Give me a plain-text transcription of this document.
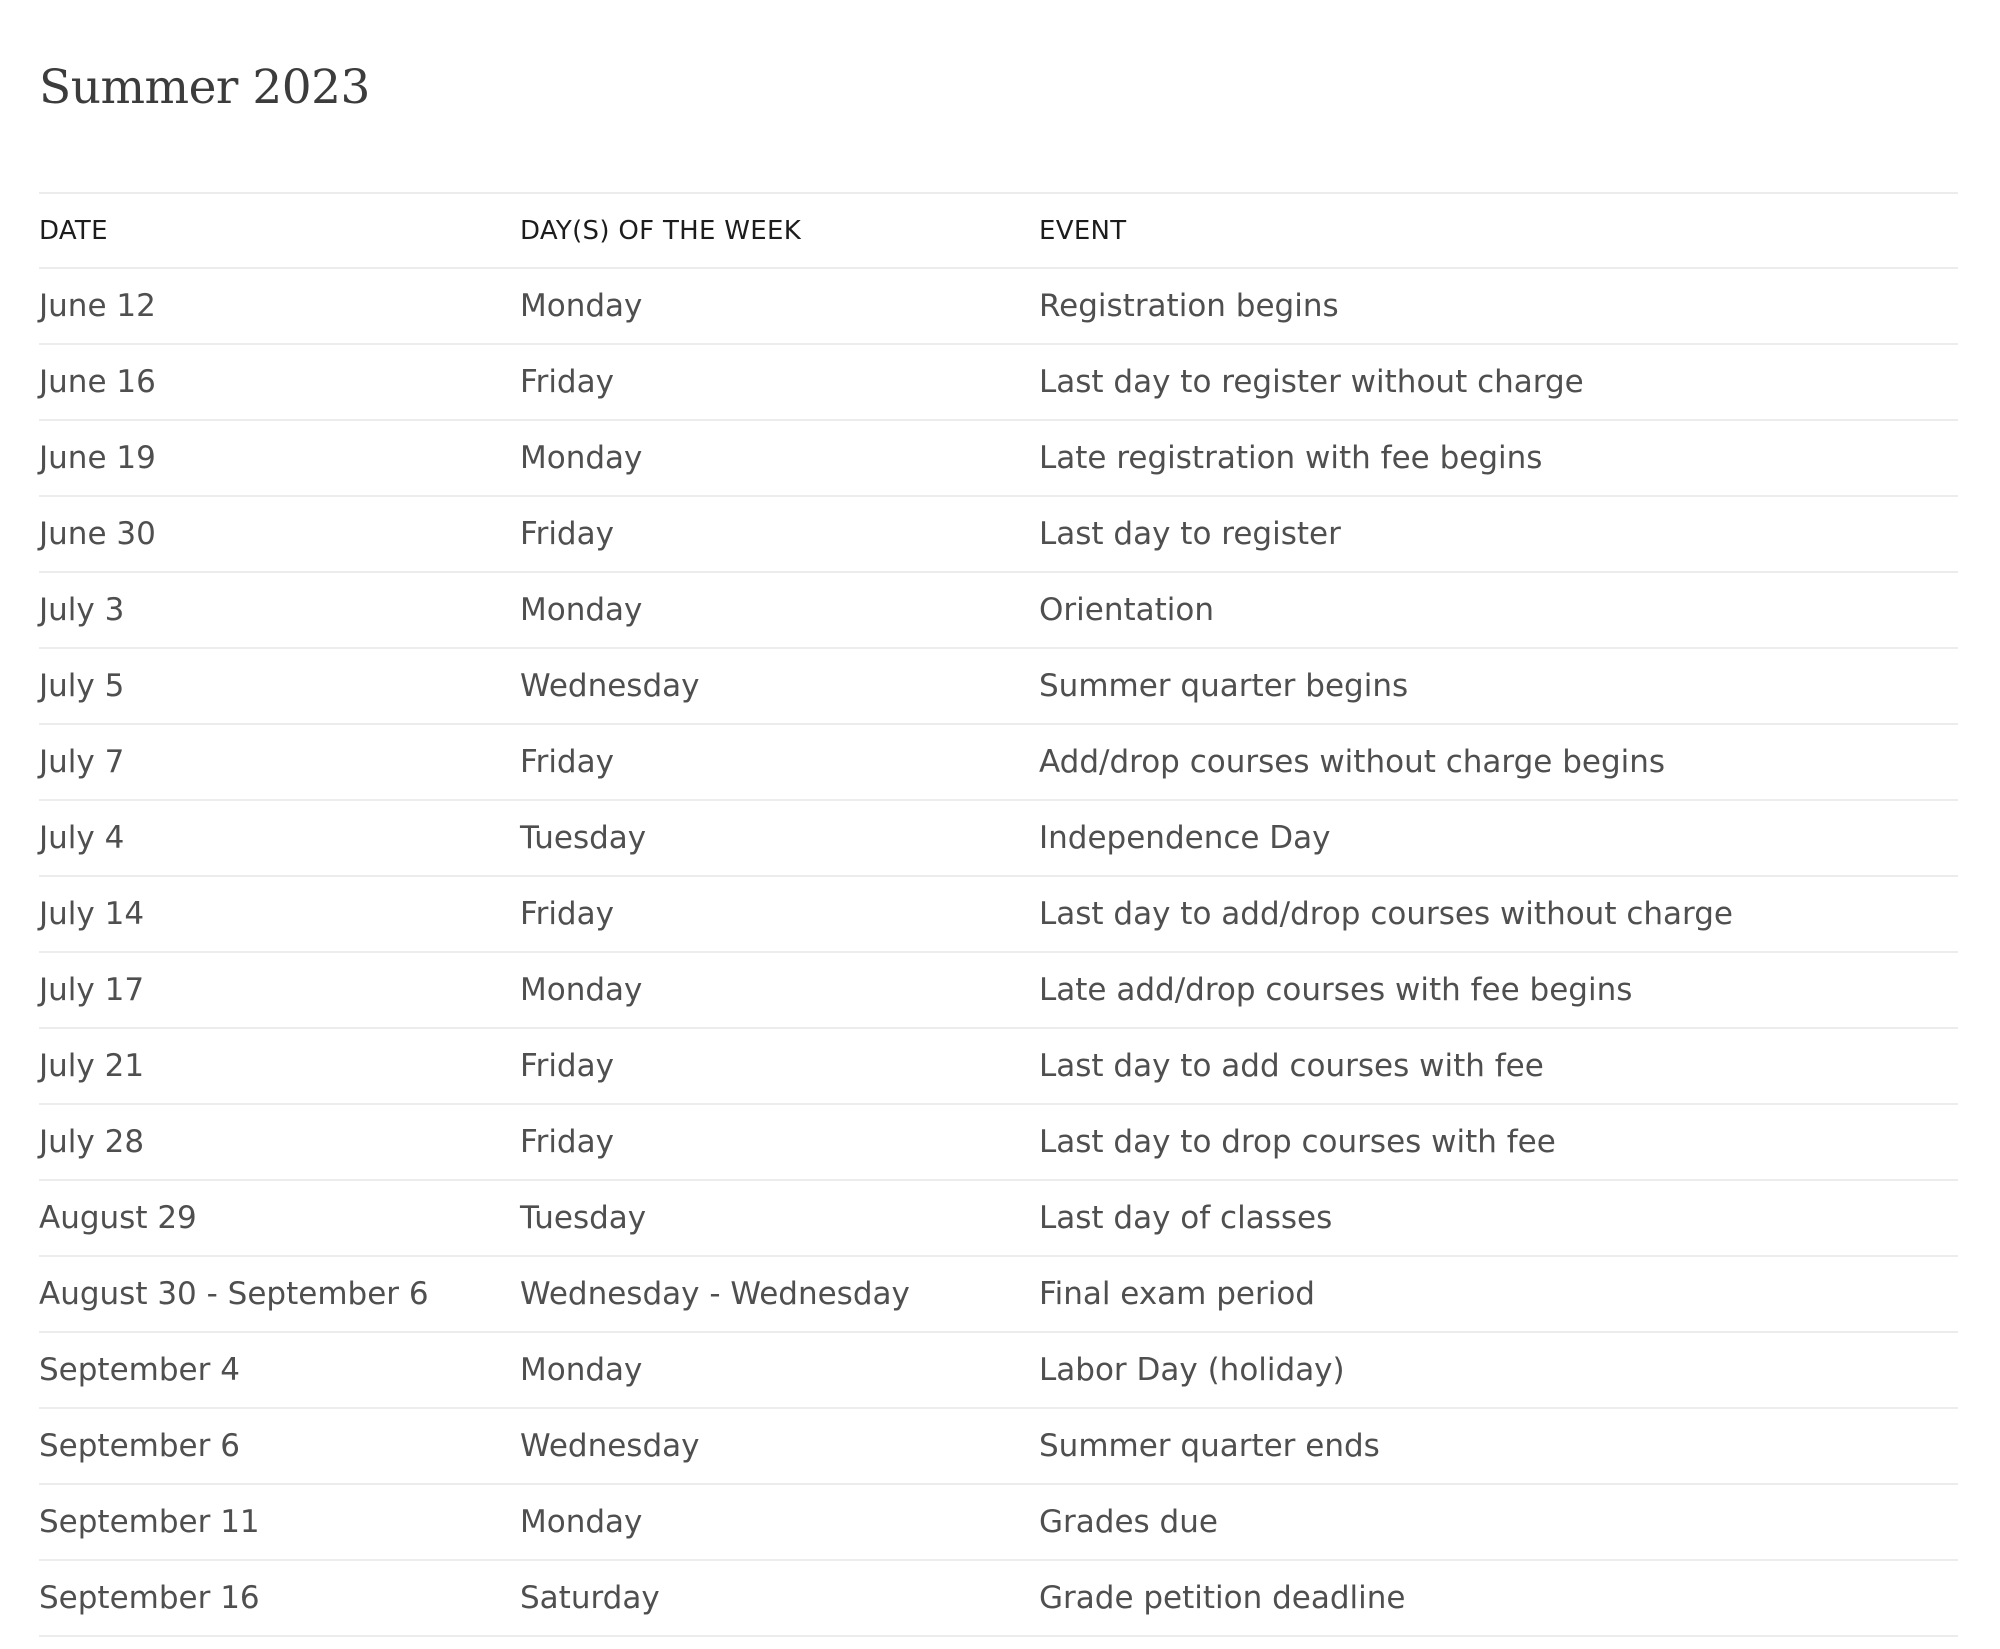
Summer 2023
DATE	DAY(S) OF THE WEEK	EVENT
June 12	Monday	Registration begins
June 16	Friday	Last day to register without charge
June 19	Monday	Late registration with fee begins
June 30	Friday	Last day to register
July 3	Monday	Orientation
July 5	Wednesday	Summer quarter begins
July 7	Friday	Add/drop courses without charge begins
July 4	Tuesday	Independence Day
July 14	Friday	Last day to add/drop courses without charge
July 17	Monday	Late add/drop courses with fee begins
July 21	Friday	Last day to add courses with fee
July 28	Friday	Last day to drop courses with fee
August 29	Tuesday	Last day of classes
August 30 - September 6	Wednesday - Wednesday	Final exam period
September 4	Monday	Labor Day (holiday)
September 6	Wednesday	Summer quarter ends
September 11	Monday	Grades due
September 16	Saturday	Grade petition deadline
